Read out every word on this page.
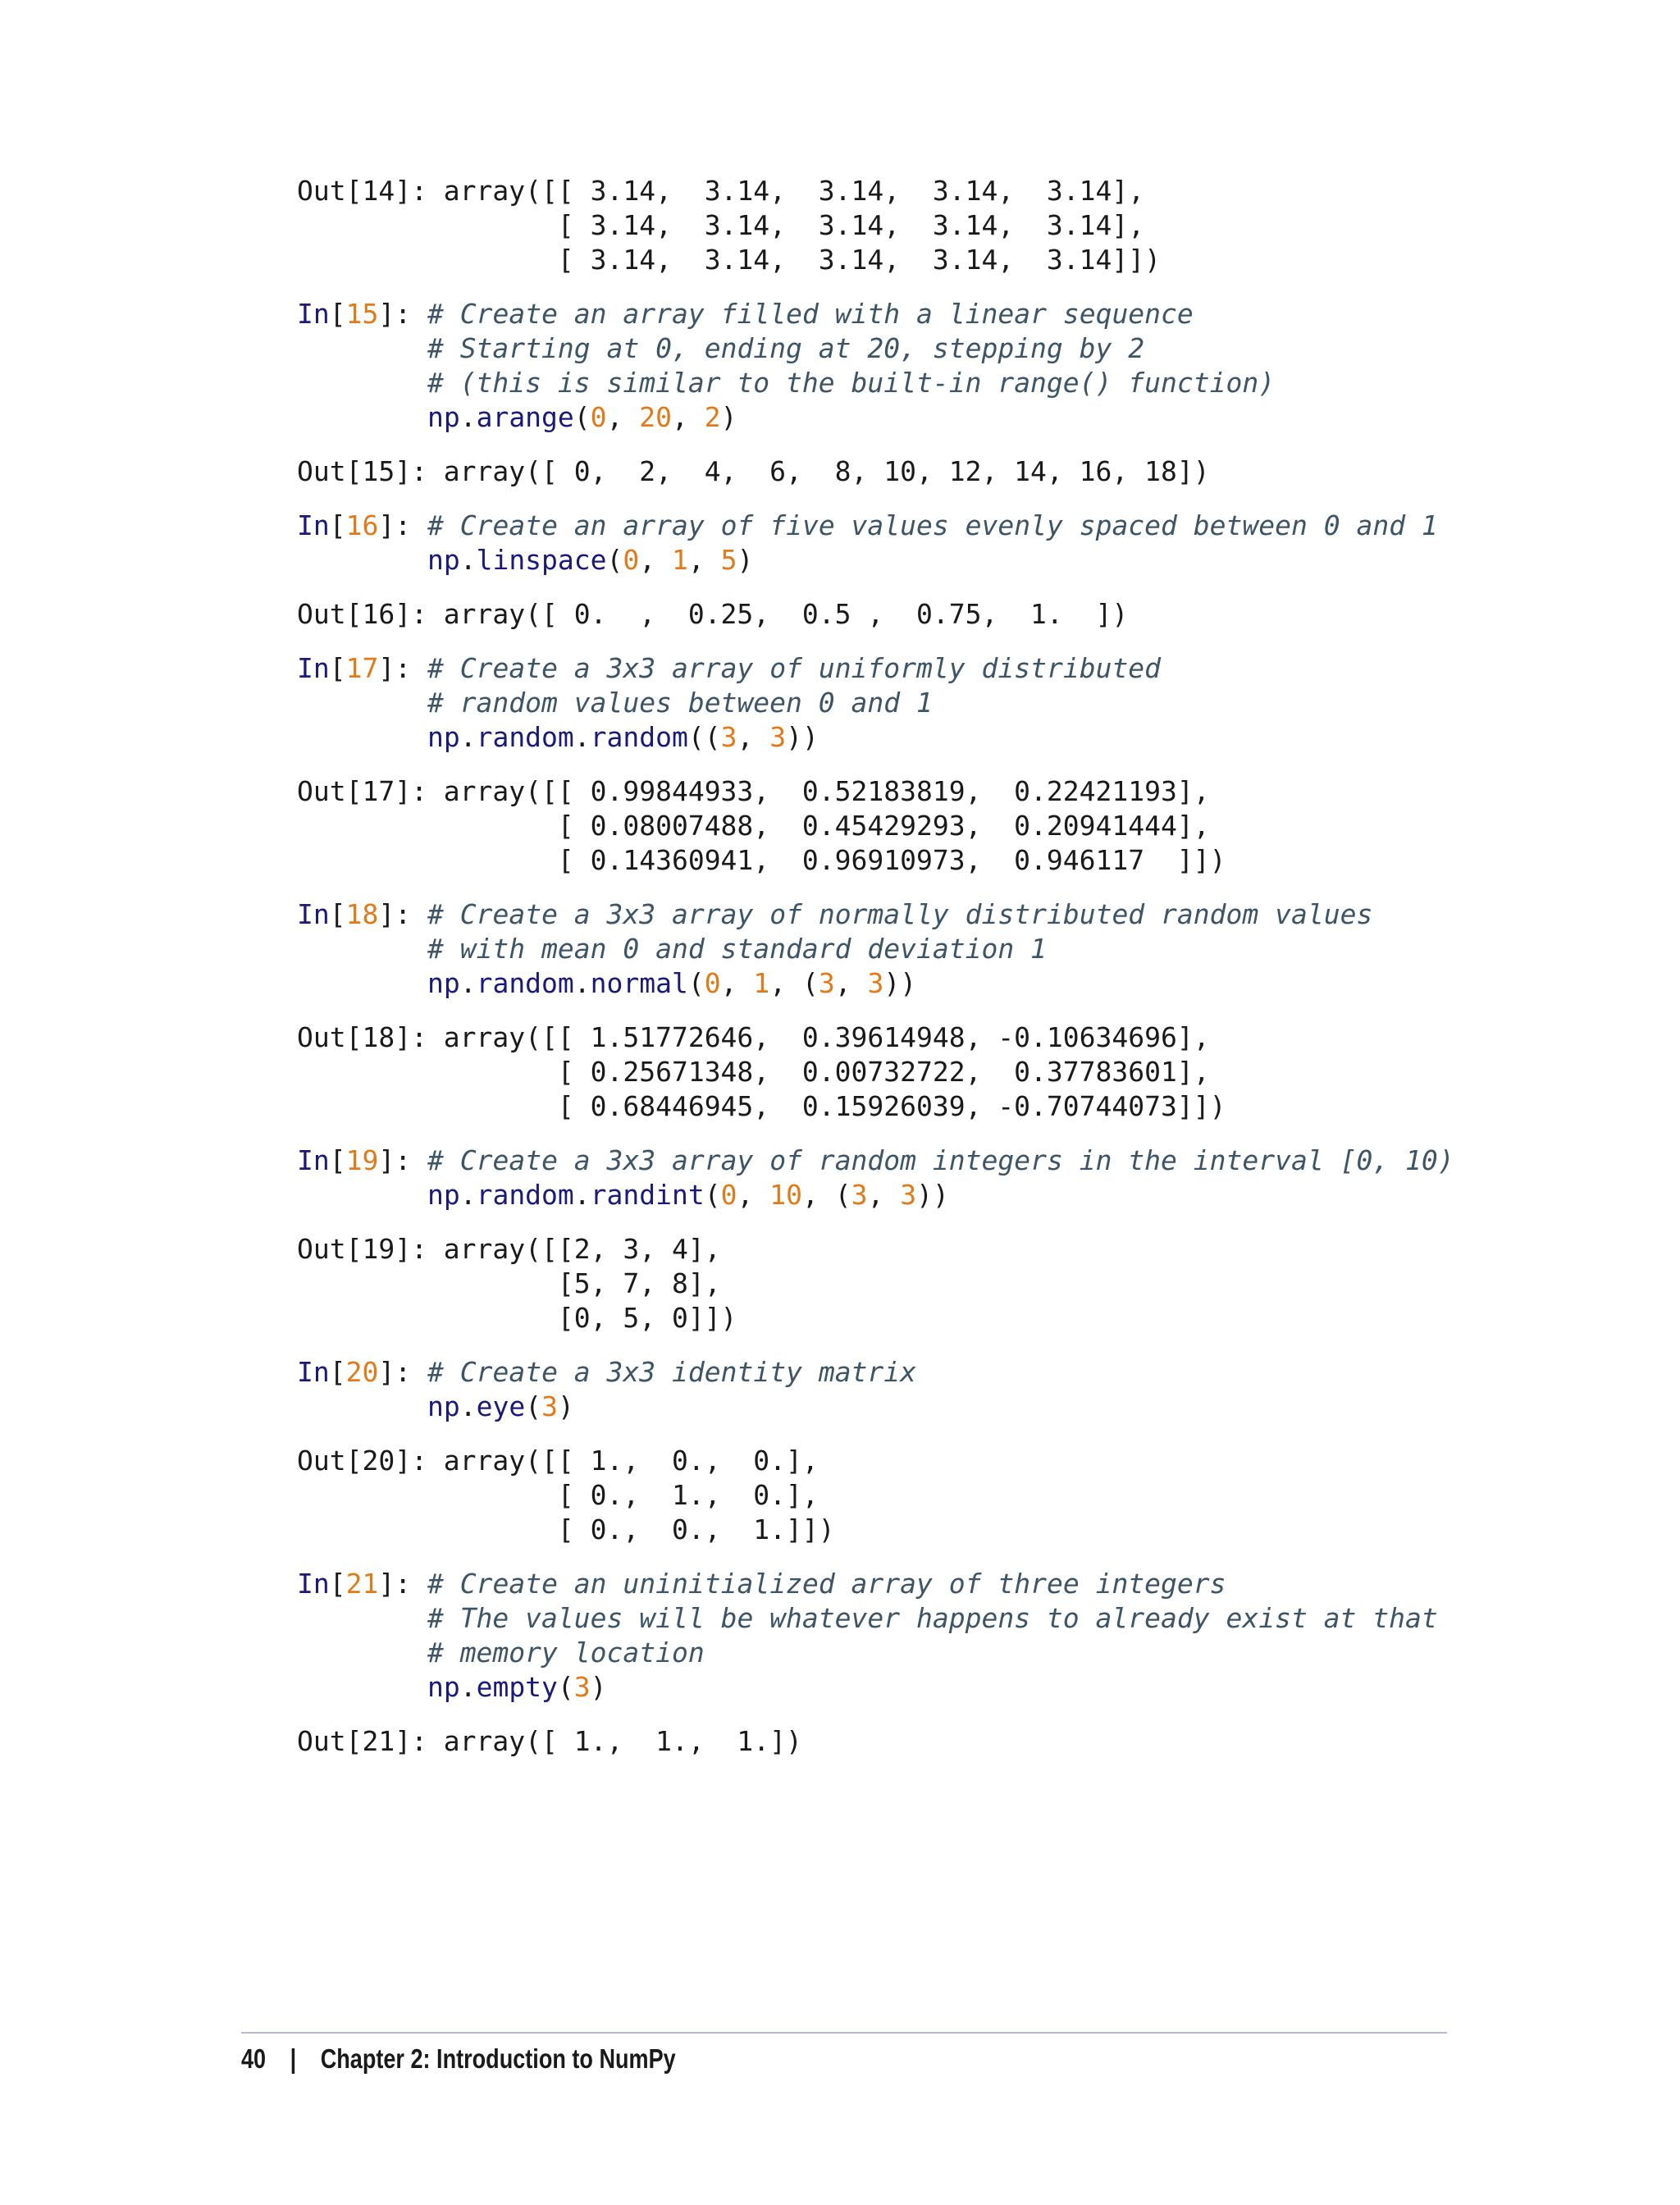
Out[14]: array([[ 3.14,  3.14,  3.14,  3.14,  3.14],
[ 3.14,  3.14,  3.14,  3.14,  3.14],
[ 3.14,  3.14,  3.14,  3.14,  3.14]])
In[15]: # Create an array filled with a linear sequence
# Starting at 0, ending at 20, stepping by 2
# (this is similar to the built-in range() function)
np.arange(0, 20, 2)
Out[15]: array([ 0,  2,  4,  6,  8, 10, 12, 14, 16, 18])
In[16]: # Create an array of five values evenly spaced between 0 and 1
np.linspace(0, 1, 5)
Out[16]: array([ 0.  ,  0.25,  0.5 ,  0.75,  1.  ])
In[17]: # Create a 3x3 array of uniformly distributed
# random values between 0 and 1
np.random.random((3, 3))
Out[17]: array([[ 0.99844933,  0.52183819,  0.22421193],
[ 0.08007488,  0.45429293,  0.20941444],
[ 0.14360941,  0.96910973,  0.946117  ]])
In[18]: # Create a 3x3 array of normally distributed random values
# with mean 0 and standard deviation 1
np.random.normal(0, 1, (3, 3))
Out[18]: array([[ 1.51772646,  0.39614948, -0.10634696],
[ 0.25671348,  0.00732722,  0.37783601],
[ 0.68446945,  0.15926039, -0.70744073]])
In[19]: # Create a 3x3 array of random integers in the interval [0, 10)
np.random.randint(0, 10, (3, 3))
Out[19]: array([[2, 3, 4],
[5, 7, 8],
[0, 5, 0]])
In[20]: # Create a 3x3 identity matrix
np.eye(3)
Out[20]: array([[ 1.,  0.,  0.],
[ 0.,  1.,  0.],
[ 0.,  0.,  1.]])
In[21]: # Create an uninitialized array of three integers
# The values will be whatever happens to already exist at that
# memory location
np.empty(3)
Out[21]: array([ 1.,  1.,  1.])
40 | Chapter 2: Introduction to NumPy
